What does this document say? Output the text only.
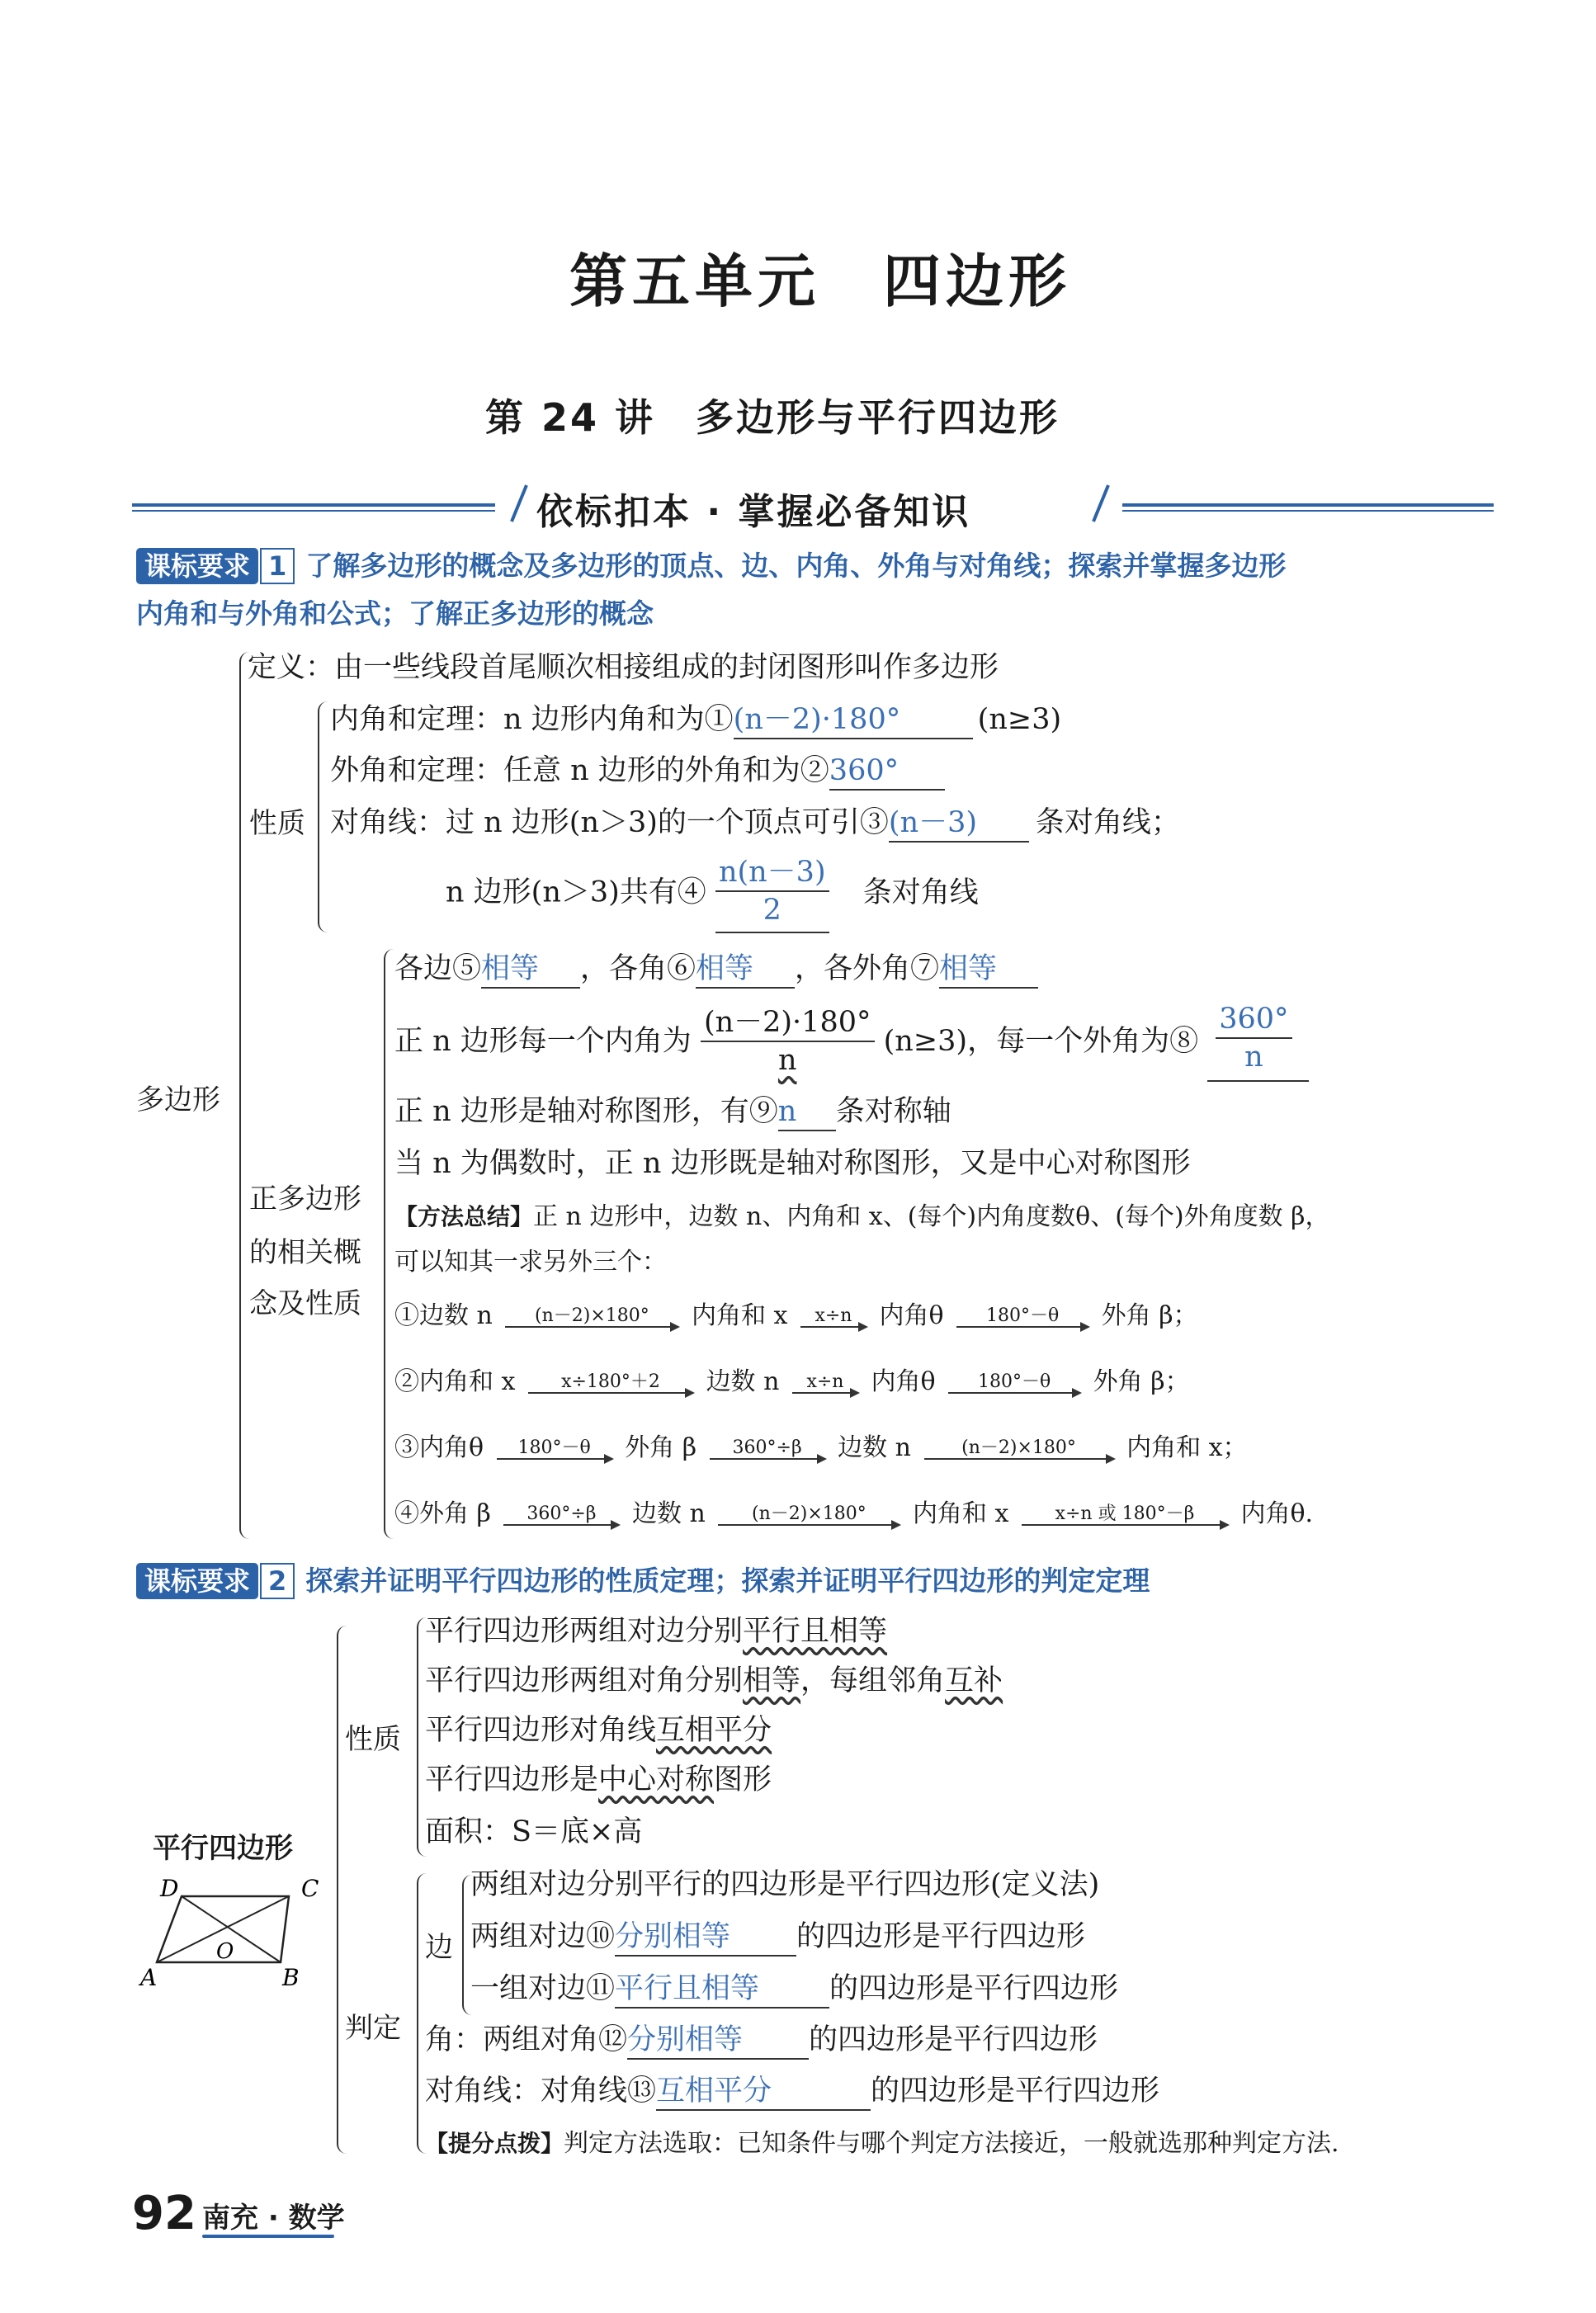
第五单元　四边形
第 24 讲　多边形与平行四边形
依标扣本 · 掌握必备知识
课标要求 1 了解多边形的概念及多边形的顶点、边、内角、外角与对角线；探索并掌握多边形
内角和与外角和公式；了解正多边形的概念
多边形
定义：由一些线段首尾顺次相接组成的封闭图形叫作多边形
性质
内角和定理：n 边形内角和为①(n－2)·180°	(n≥3)
外角和定理：任意 n 边形的外角和为②360°
对角线：过 n 边形(n＞3)的一个顶点可引③(n－3) 条对角线；
n 边形(n＞3)共有④ $\frac{n(n-3)}{2}$ 条对角线
正多边形
的相关概
念及性质
各边⑤相等 ，各角⑥相等 ，各外角⑦相等
正 n 边形每一个内角为 $\frac{(n-2)\cdot 180^\circ}{n} (n\ge 3)$，每一个外角为⑧ $\frac{360^\circ}{n}$
正 n 边形是轴对称图形，有⑨n 条对称轴
当 n 为偶数时，正 n 边形既是轴对称图形，又是中心对称图形
【方法总结】正 n 边形中，边数 n、内角和 x、(每个)内角度数θ、(每个)外角度数 β，
可以知其一求另外三个：
①边数 n	(n－2)×180°	内角和 x	x÷n	内角θ	180°－θ	外角 β；
②内角和 x	x÷180°＋2	边数 n	x÷n	内角θ	180°－θ	外角 β；
③内角θ	180°－θ	外角 β	360°÷β	边数 n	(n－2)×180°	内角和 x；
④外角 β	360°÷β	边数 n	(n－2)×180°	内角和 x	x÷n 或 180°－β	内角θ.
课标要求 2 探索并证明平行四边形的性质定理；探索并证明平行四边形的判定定理
平行四边形
D	C
A	B
O
性质
平行四边形两组对边分别平行且相等
平行四边形两组对角分别相等，每组邻角互补
平行四边形对角线互相平分
平行四边形是中心对称图形
面积：S＝底×高
判定
边
两组对边分别平行的四边形是平行四边形(定义法)
两组对边⑩分别相等 的四边形是平行四边形
一组对边⑪平行且相等 的四边形是平行四边形
角：两组对角⑫分别相等 的四边形是平行四边形
对角线：对角线⑬互相平分	的四边形是平行四边形
【提分点拨】判定方法选取：已知条件与哪个判定方法接近，一般就选那种判定方法.
92 南充 · 数学
